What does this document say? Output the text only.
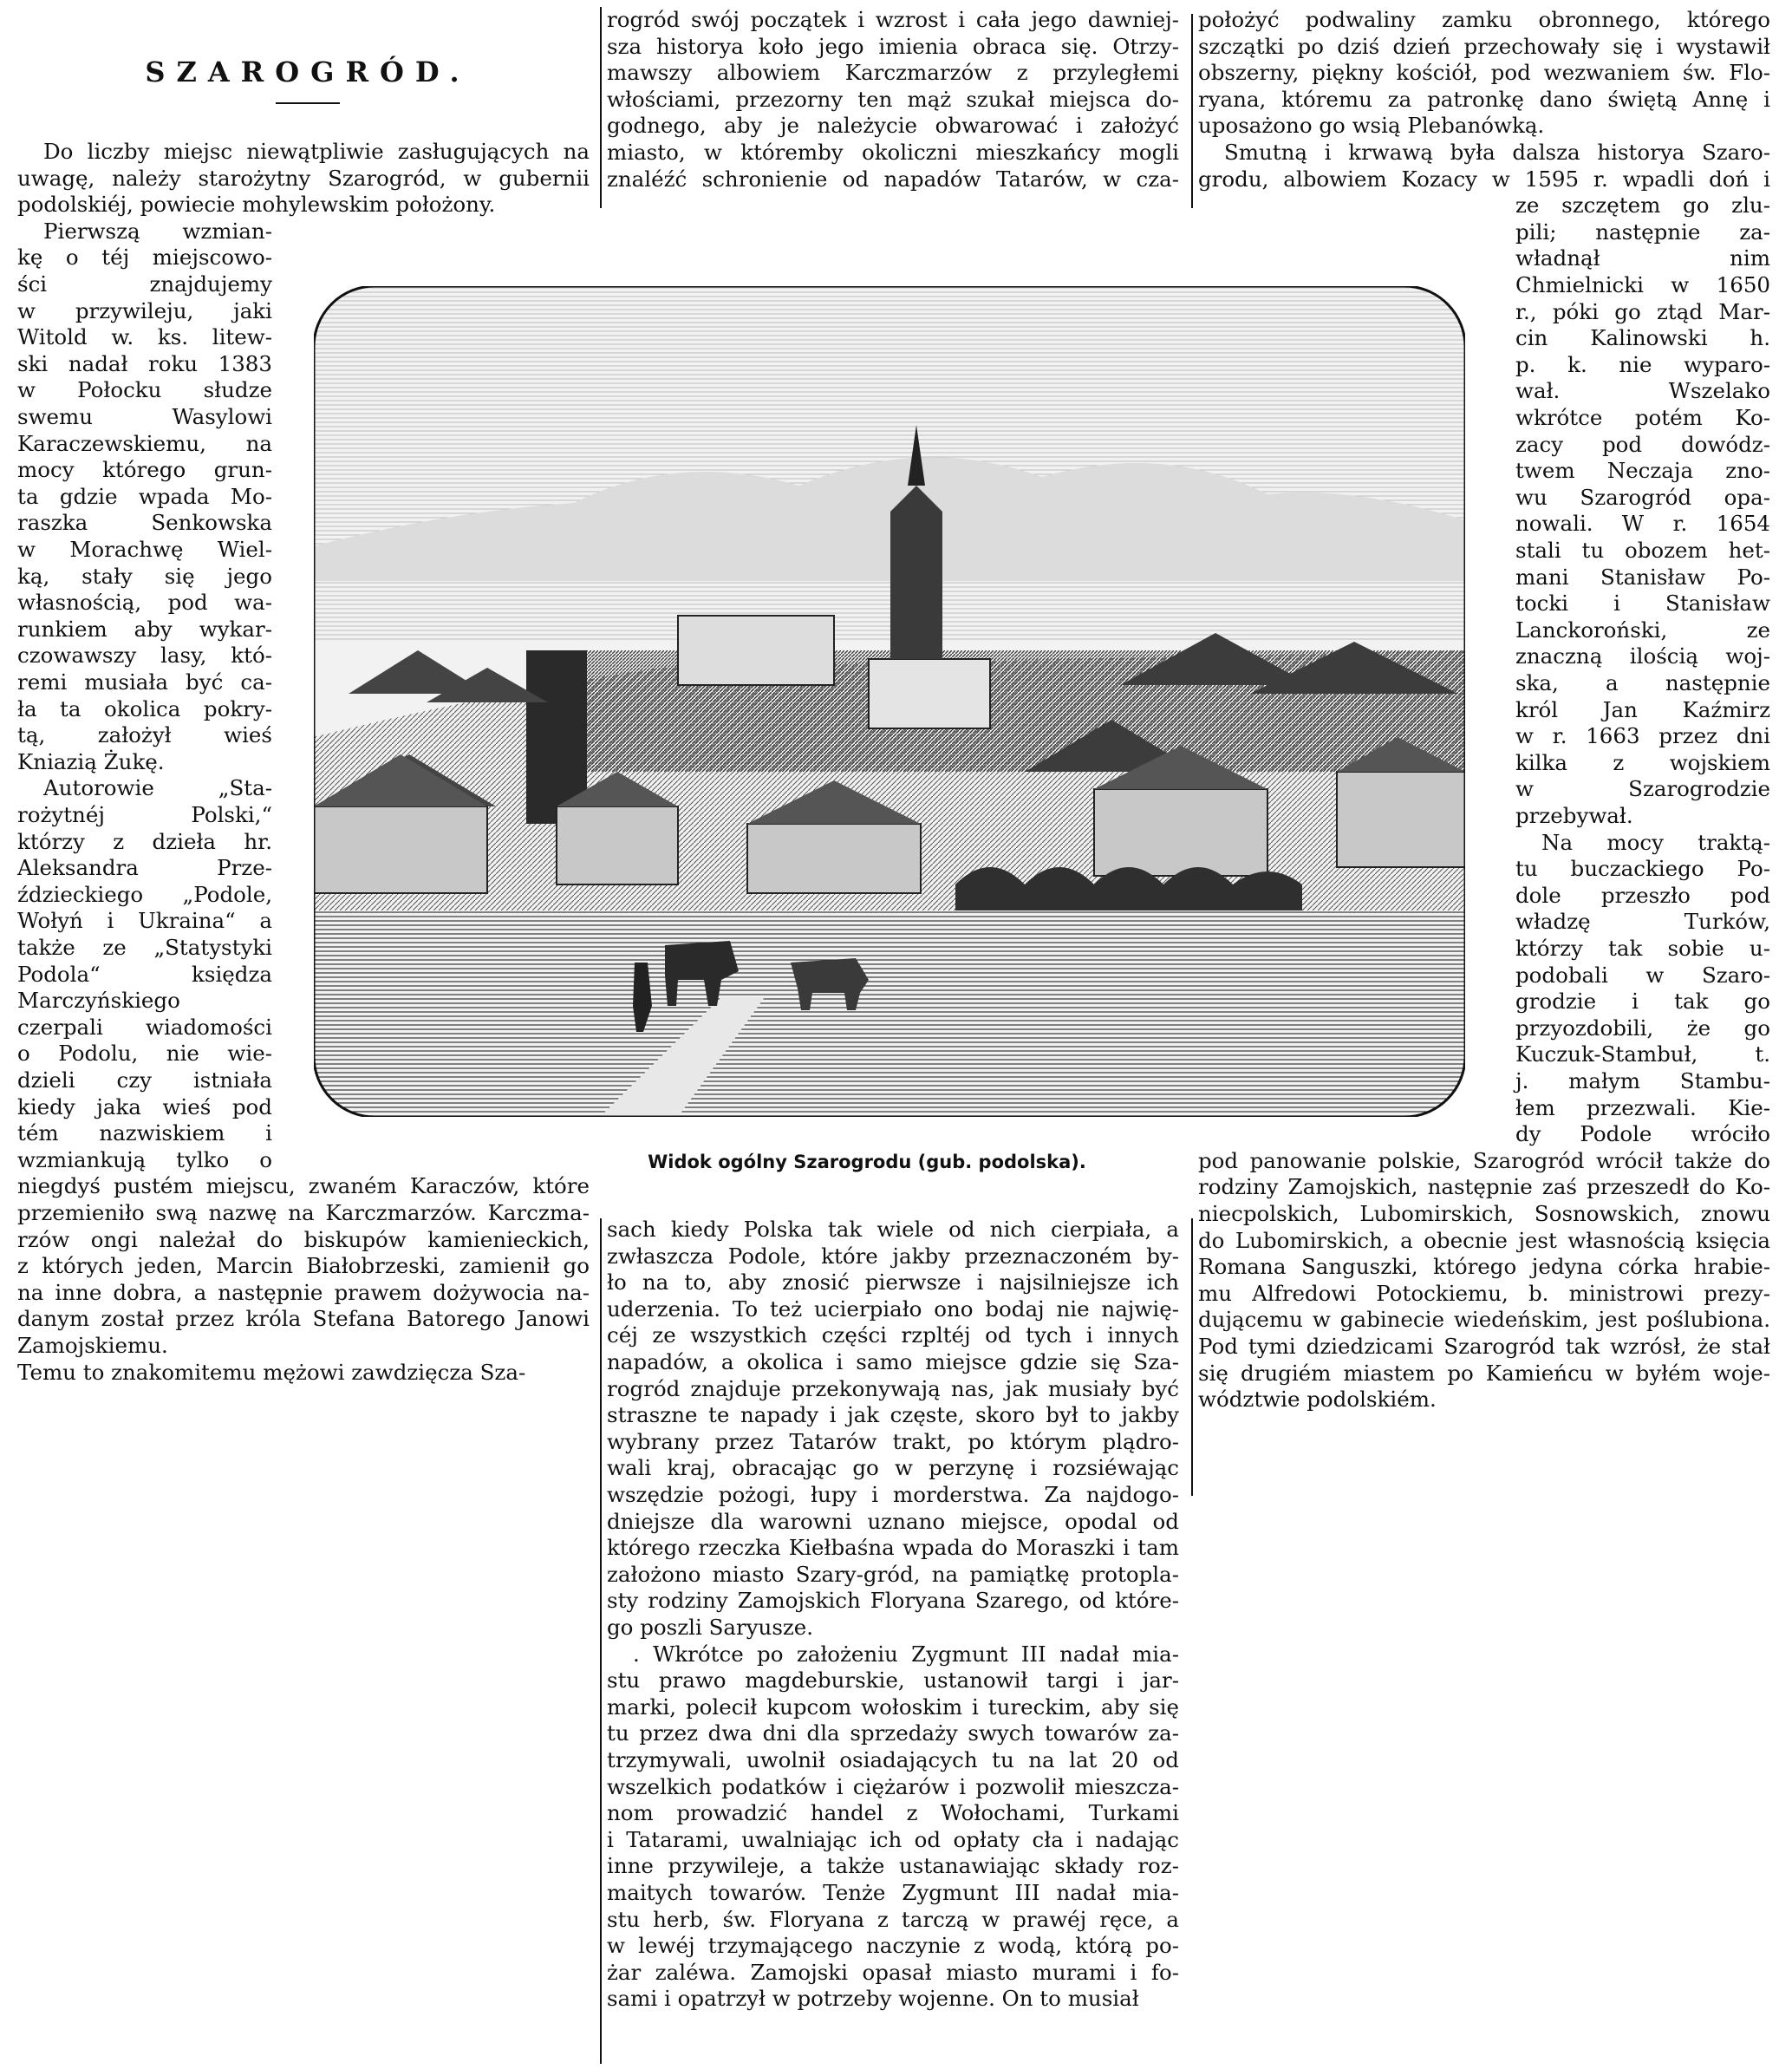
SZAROGRÓD.
Do liczby miejsc niewątpliwie zasługujących na
uwagę, należy starożytny Szarogród, w gubernii
podolskiéj, powiecie mohylewskim położony.
Pierwszą wzmian-
kę o téj miejscowo-
ści znajdujemy
w przywileju, jaki
Witold w. ks. litew-
ski nadał roku 1383
w Połocku słudze
swemu Wasylowi
Karaczewskiemu, na
mocy którego grun-
ta gdzie wpada Mo-
raszka Senkowska
w Morachwę Wiel-
ką, stały się jego
własnością, pod wa-
runkiem aby wykar-
czowawszy lasy, któ-
remi musiała być ca-
ła ta okolica pokry-
tą, założył wieś
Kniazią Żukę.
Autorowie „Sta-
rożytnéj Polski,“
którzy z dzieła hr.
Aleksandra Prze-
ździeckiego „Podole,
Wołyń i Ukraina“ a
także ze „Statystyki
Podola“ księdza
Marczyńskiego
czerpali wiadomości
o Podolu, nie wie-
dzieli czy istniała
kiedy jaka wieś pod
tém nazwiskiem i
wzmiankują tylko o
niegdyś pustém miejscu, zwaném Karaczów, które
przemieniło swą nazwę na Karczmarzów. Karczma-
rzów ongi należał do biskupów kamienieckich,
z których jeden, Marcin Białobrzeski, zamienił go
na inne dobra, a następnie prawem dożywocia na-
danym został przez króla Stefana Batorego Janowi
Zamojskiemu.
Temu to znakomitemu mężowi zawdzięcza Sza-
rogród swój początek i wzrost i cała jego dawniej-
sza historya koło jego imienia obraca się. Otrzy-
mawszy albowiem Karczmarzów z przyległemi
włościami, przezorny ten mąż szukał miejsca do-
godnego, aby je należycie obwarować i założyć
miasto, w któremby okoliczni mieszkańcy mogli
znaléźć schronienie od napadów Tatarów, w cza-
sach kiedy Polska tak wiele od nich cierpiała, a
zwłaszcza Podole, które jakby przeznaczoném by-
ło na to, aby znosić pierwsze i najsilniejsze ich
uderzenia. To też ucierpiało ono bodaj nie najwię-
céj ze wszystkich części rzpltéj od tych i innych
napadów, a okolica i samo miejsce gdzie się Sza-
rogród znajduje przekonywają nas, jak musiały być
straszne te napady i jak częste, skoro był to jakby
wybrany przez Tatarów trakt, po którym plądro-
wali kraj, obracając go w perzynę i rozsiéwając
wszędzie pożogi, łupy i morderstwa. Za najdogo-
dniejsze dla warowni uznano miejsce, opodal od
którego rzeczka Kiełbaśna wpada do Moraszki i tam
założono miasto Szary-gród, na pamiątkę protopla-
sty rodziny Zamojskich Floryana Szarego, od które-
go poszli Saryusze.
. Wkrótce po założeniu Zygmunt III nadał mia-
stu prawo magdeburskie, ustanowił targi i jar-
marki, polecił kupcom wołoskim i tureckim, aby się
tu przez dwa dni dla sprzedaży swych towarów za-
trzymywali, uwolnił osiadających tu na lat 20 od
wszelkich podatków i ciężarów i pozwolił mieszcza-
nom prowadzić handel z Wołochami, Turkami
i Tatarami, uwalniając ich od opłaty cła i nadając
inne przywileje, a także ustanawiając składy roz-
maitych towarów. Tenże Zygmunt III nadał mia-
stu herb, św. Floryana z tarczą w prawéj ręce, a
w lewéj trzymającego naczynie z wodą, którą po-
żar zaléwa. Zamojski opasał miasto murami i fo-
sami i opatrzył w potrzeby wojenne. On to musiał
położyć podwaliny zamku obronnego, którego
szczątki po dziś dzień przechowały się i wystawił
obszerny, piękny kościół, pod wezwaniem św. Flo-
ryana, któremu za patronkę dano świętą Annę i
uposażono go wsią Plebanówką.
Smutną i krwawą była dalsza historya Szaro-
grodu, albowiem Kozacy w 1595 r. wpadli doń i
ze szczętem go zlu-
pili; następnie za-
władnął nim
Chmielnicki w 1650
r., póki go ztąd Mar-
cin Kalinowski h.
p. k. nie wyparo-
wał. Wszelako
wkrótce potém Ko-
zacy pod dowódz-
twem Neczaja zno-
wu Szarogród opa-
nowali. W r. 1654
stali tu obozem het-
mani Stanisław Po-
tocki i Stanisław
Lanckoroński, ze
znaczną ilością woj-
ska, a następnie
król Jan Kaźmirz
w r. 1663 przez dni
kilka z wojskiem
w Szarogrodzie
przebywał.
Na mocy traktą-
tu buczackiego Po-
dole przeszło pod
władzę Turków,
którzy tak sobie u-
podobali w Szaro-
grodzie i tak go
przyozdobili, że go
Kuczuk-Stambuł, t.
j. małym Stambu-
łem przezwali. Kie-
dy Podole wróciło
pod panowanie polskie, Szarogród wrócił także do
rodziny Zamojskich, następnie zaś przeszedł do Ko-
niecpolskich, Lubomirskich, Sosnowskich, znowu
do Lubomirskich, a obecnie jest własnością księcia
Romana Sanguszki, którego jedyna córka hrabie-
mu Alfredowi Potockiemu, b. ministrowi prezy-
dującemu w gabinecie wiedeńskim, jest poślubiona.
Pod tymi dziedzicami Szarogród tak wzrósł, że stał
się drugiém miastem po Kamieńcu w byłém woje-
wództwie podolskiém.
Widok ogólny Szarogrodu (gub. podolska).
